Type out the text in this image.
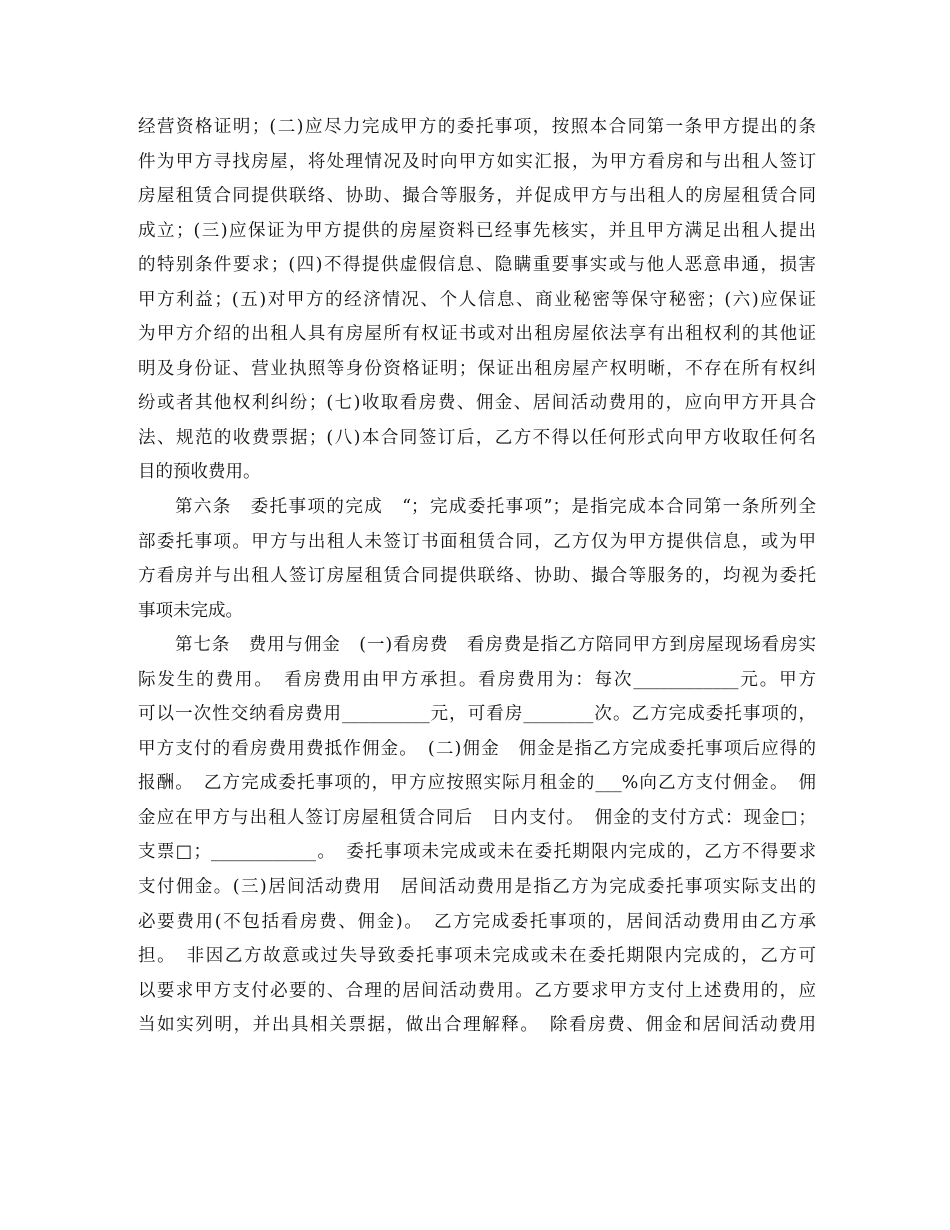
经营资格证明；(二)应尽力完成甲方的委托事项，按照本合同第一条甲方提出的条
件为甲方寻找房屋，将处理情况及时向甲方如实汇报，为甲方看房和与出租人签订
房屋租赁合同提供联络、协助、撮合等服务，并促成甲方与出租人的房屋租赁合同
成立；(三)应保证为甲方提供的房屋资料已经事先核实，并且甲方满足出租人提出
的特别条件要求；(四)不得提供虚假信息、隐瞒重要事实或与他人恶意串通，损害
甲方利益；(五)对甲方的经济情况、个人信息、商业秘密等保守秘密；(六)应保证
为甲方介绍的出租人具有房屋所有权证书或对出租房屋依法享有出租权利的其他证
明及身份证、营业执照等身份资格证明；保证出租房屋产权明晰，不存在所有权纠
纷或者其他权利纠纷；(七)收取看房费、佣金、居间活动费用的，应向甲方开具合
法、规范的收费票据；(八)本合同签订后，乙方不得以任何形式向甲方收取任何名
目的预收费用。
第六条　委托事项的完成　“；完成委托事项”；是指完成本合同第一条所列全
部委托事项。甲方与出租人未签订书面租赁合同，乙方仅为甲方提供信息，或为甲
方看房并与出租人签订房屋租赁合同提供联络、协助、撮合等服务的，均视为委托
事项未完成。
第七条　费用与佣金　(一)看房费　看房费是指乙方陪同甲方到房屋现场看房实
际发生的费用。　看房费用由甲方承担。看房费用为：每次____________元。甲方
可以一次性交纳看房费用__________元，可看房________次。乙方完成委托事项的，
甲方支付的看房费用费抵作佣金。　(二)佣金　佣金是指乙方完成委托事项后应得的
报酬。　乙方完成委托事项的，甲方应按照实际月租金的___%向乙方支付佣金。　佣
金应在甲方与出租人签订房屋租赁合同后　日内支付。　佣金的支付方式：现金□；
支票□；____________。　委托事项未完成或未在委托期限内完成的，乙方不得要求
支付佣金。(三)居间活动费用　居间活动费用是指乙方为完成委托事项实际支出的
必要费用(不包括看房费、佣金)。　乙方完成委托事项的，居间活动费用由乙方承
担。　非因乙方故意或过失导致委托事项未完成或未在委托期限内完成的，乙方可
以要求甲方支付必要的、合理的居间活动费用。乙方要求甲方支付上述费用的，应
当如实列明，并出具相关票据，做出合理解释。　除看房费、佣金和居间活动费用
